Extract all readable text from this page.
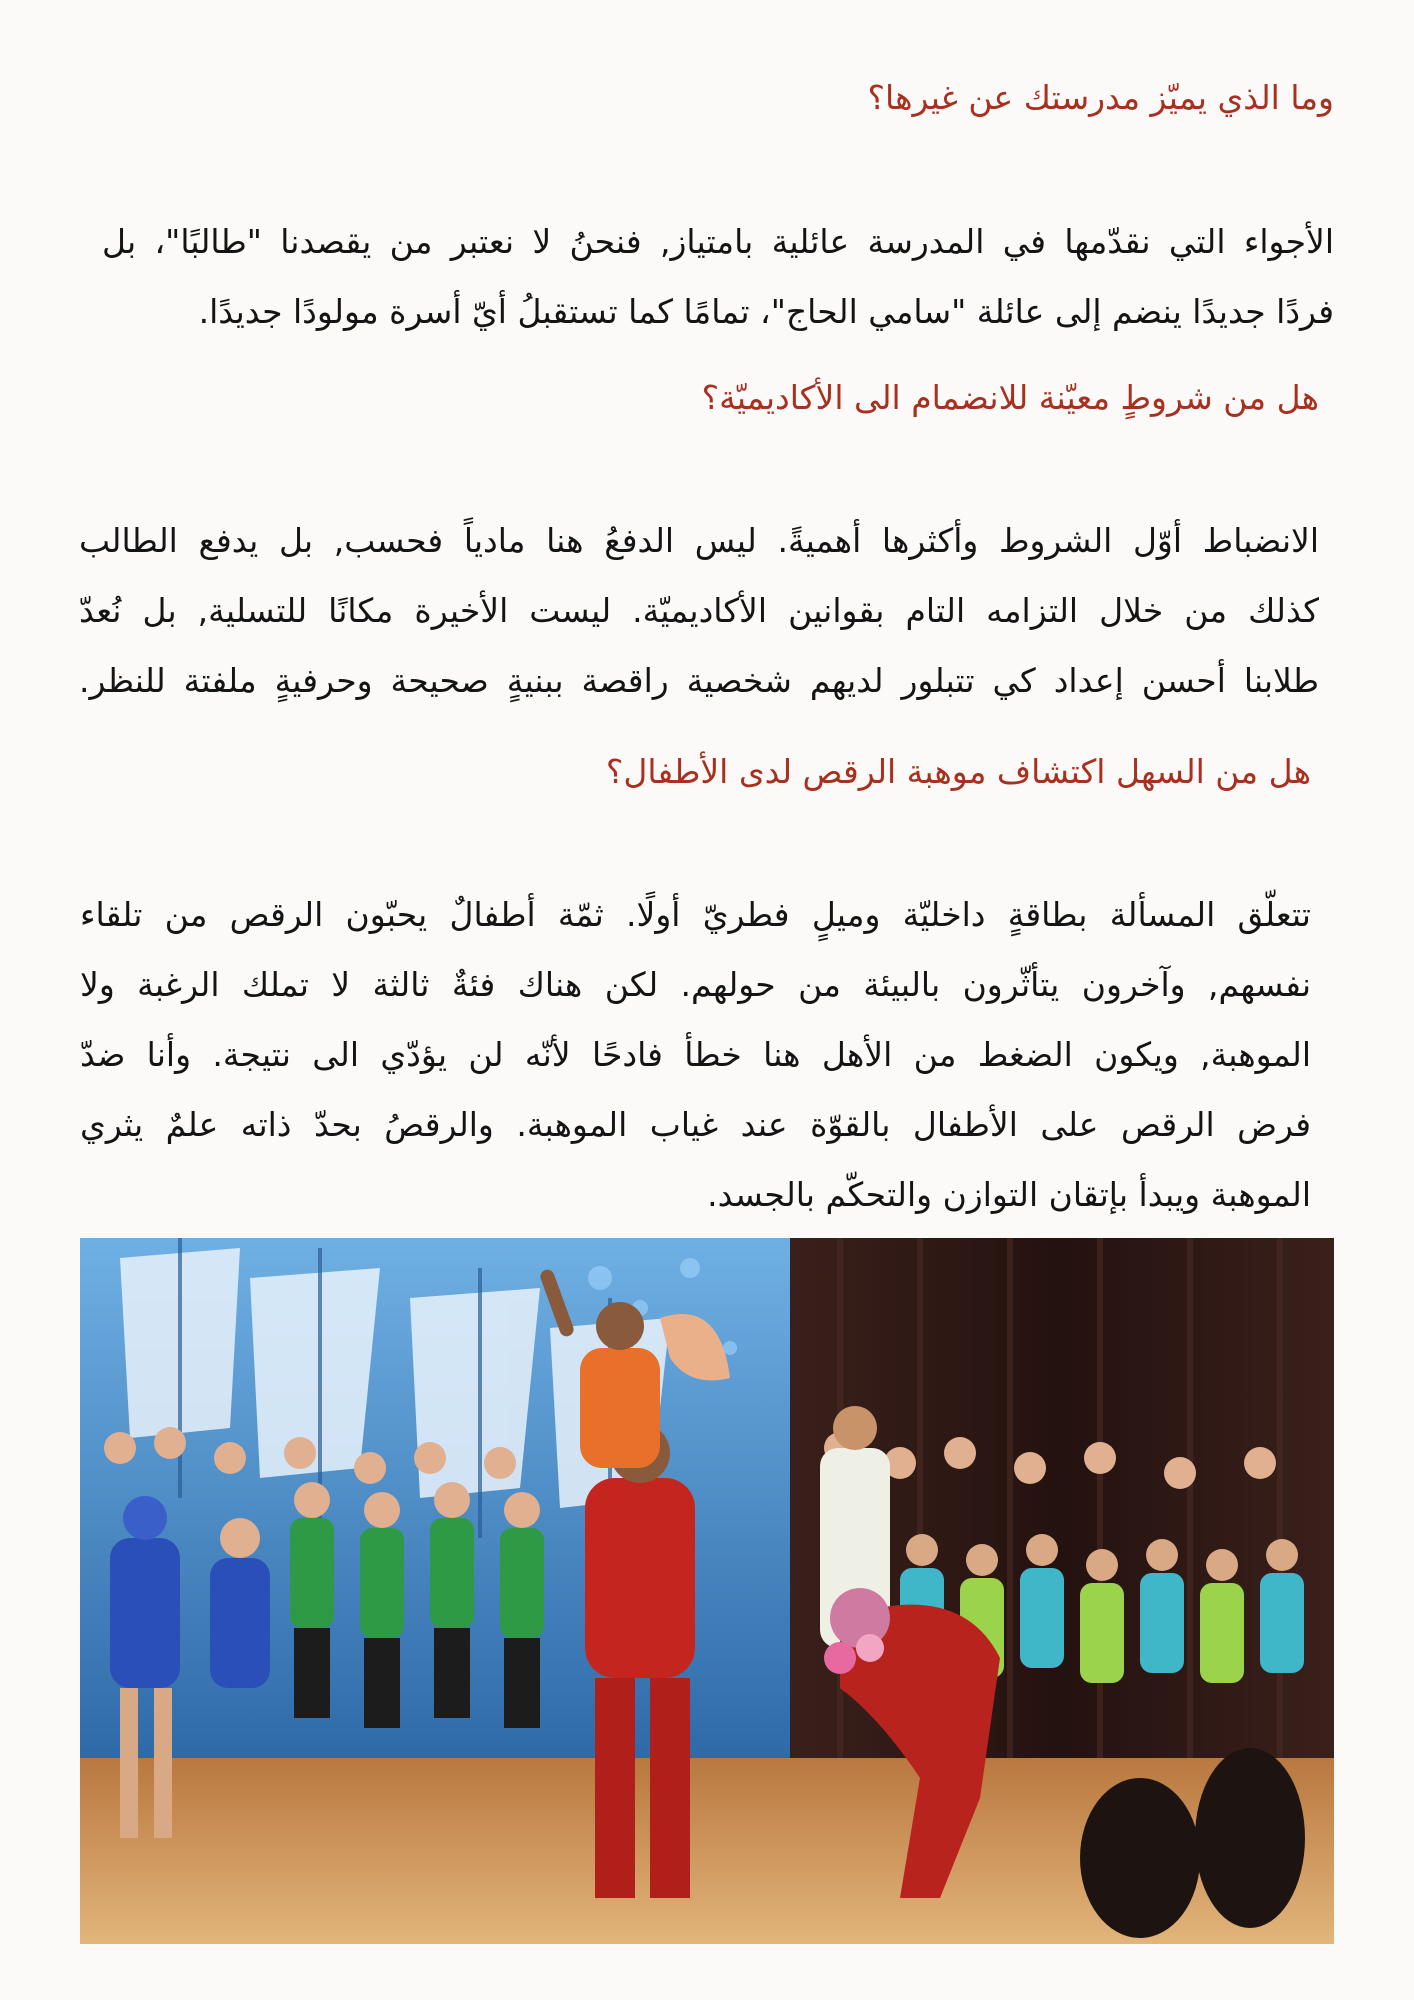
وما الذي يميّز مدرستك عن غيرها؟
الأجواء التي نقدّمها في المدرسة عائلية بامتياز, فنحنُ لا نعتبر من يقصدنا "طالبًا"، بل
فردًا جديدًا ينضم إلى عائلة "سامي الحاج"، تمامًا كما تستقبلُ أيّ أسرة مولودًا جديدًا.
هل من شروطٍ معيّنة للانضمام الى الأكاديميّة؟
الانضباط أوّل الشروط وأكثرها أهميةً. ليس الدفعُ هنا مادياً فحسب, بل يدفع الطالب
كذلك من خلال التزامه التام بقوانين الأكاديميّة. ليست الأخيرة مكانًا للتسلية, بل نُعدّ
طلابنا أحسن إعداد كي تتبلور لديهم شخصية راقصة ببنيةٍ صحيحة وحرفيةٍ ملفتة للنظر.
هل من السهل اكتشاف موهبة الرقص لدى الأطفال؟
تتعلّق المسألة بطاقةٍ داخليّة وميلٍ فطريّ أولًا. ثمّة أطفالٌ يحبّون الرقص من تلقاء
نفسهم, وآخرون يتأثّرون بالبيئة من حولهم. لكن هناك فئةٌ ثالثة لا تملك الرغبة ولا
الموهبة, ويكون الضغط من الأهل هنا خطأ فادحًا لأنّه لن يؤدّي الى نتيجة. وأنا ضدّ
فرض الرقص على الأطفال بالقوّة عند غياب الموهبة. والرقصُ بحدّ ذاته علمٌ يثري
الموهبة ويبدأ بإتقان التوازن والتحكّم بالجسد.
